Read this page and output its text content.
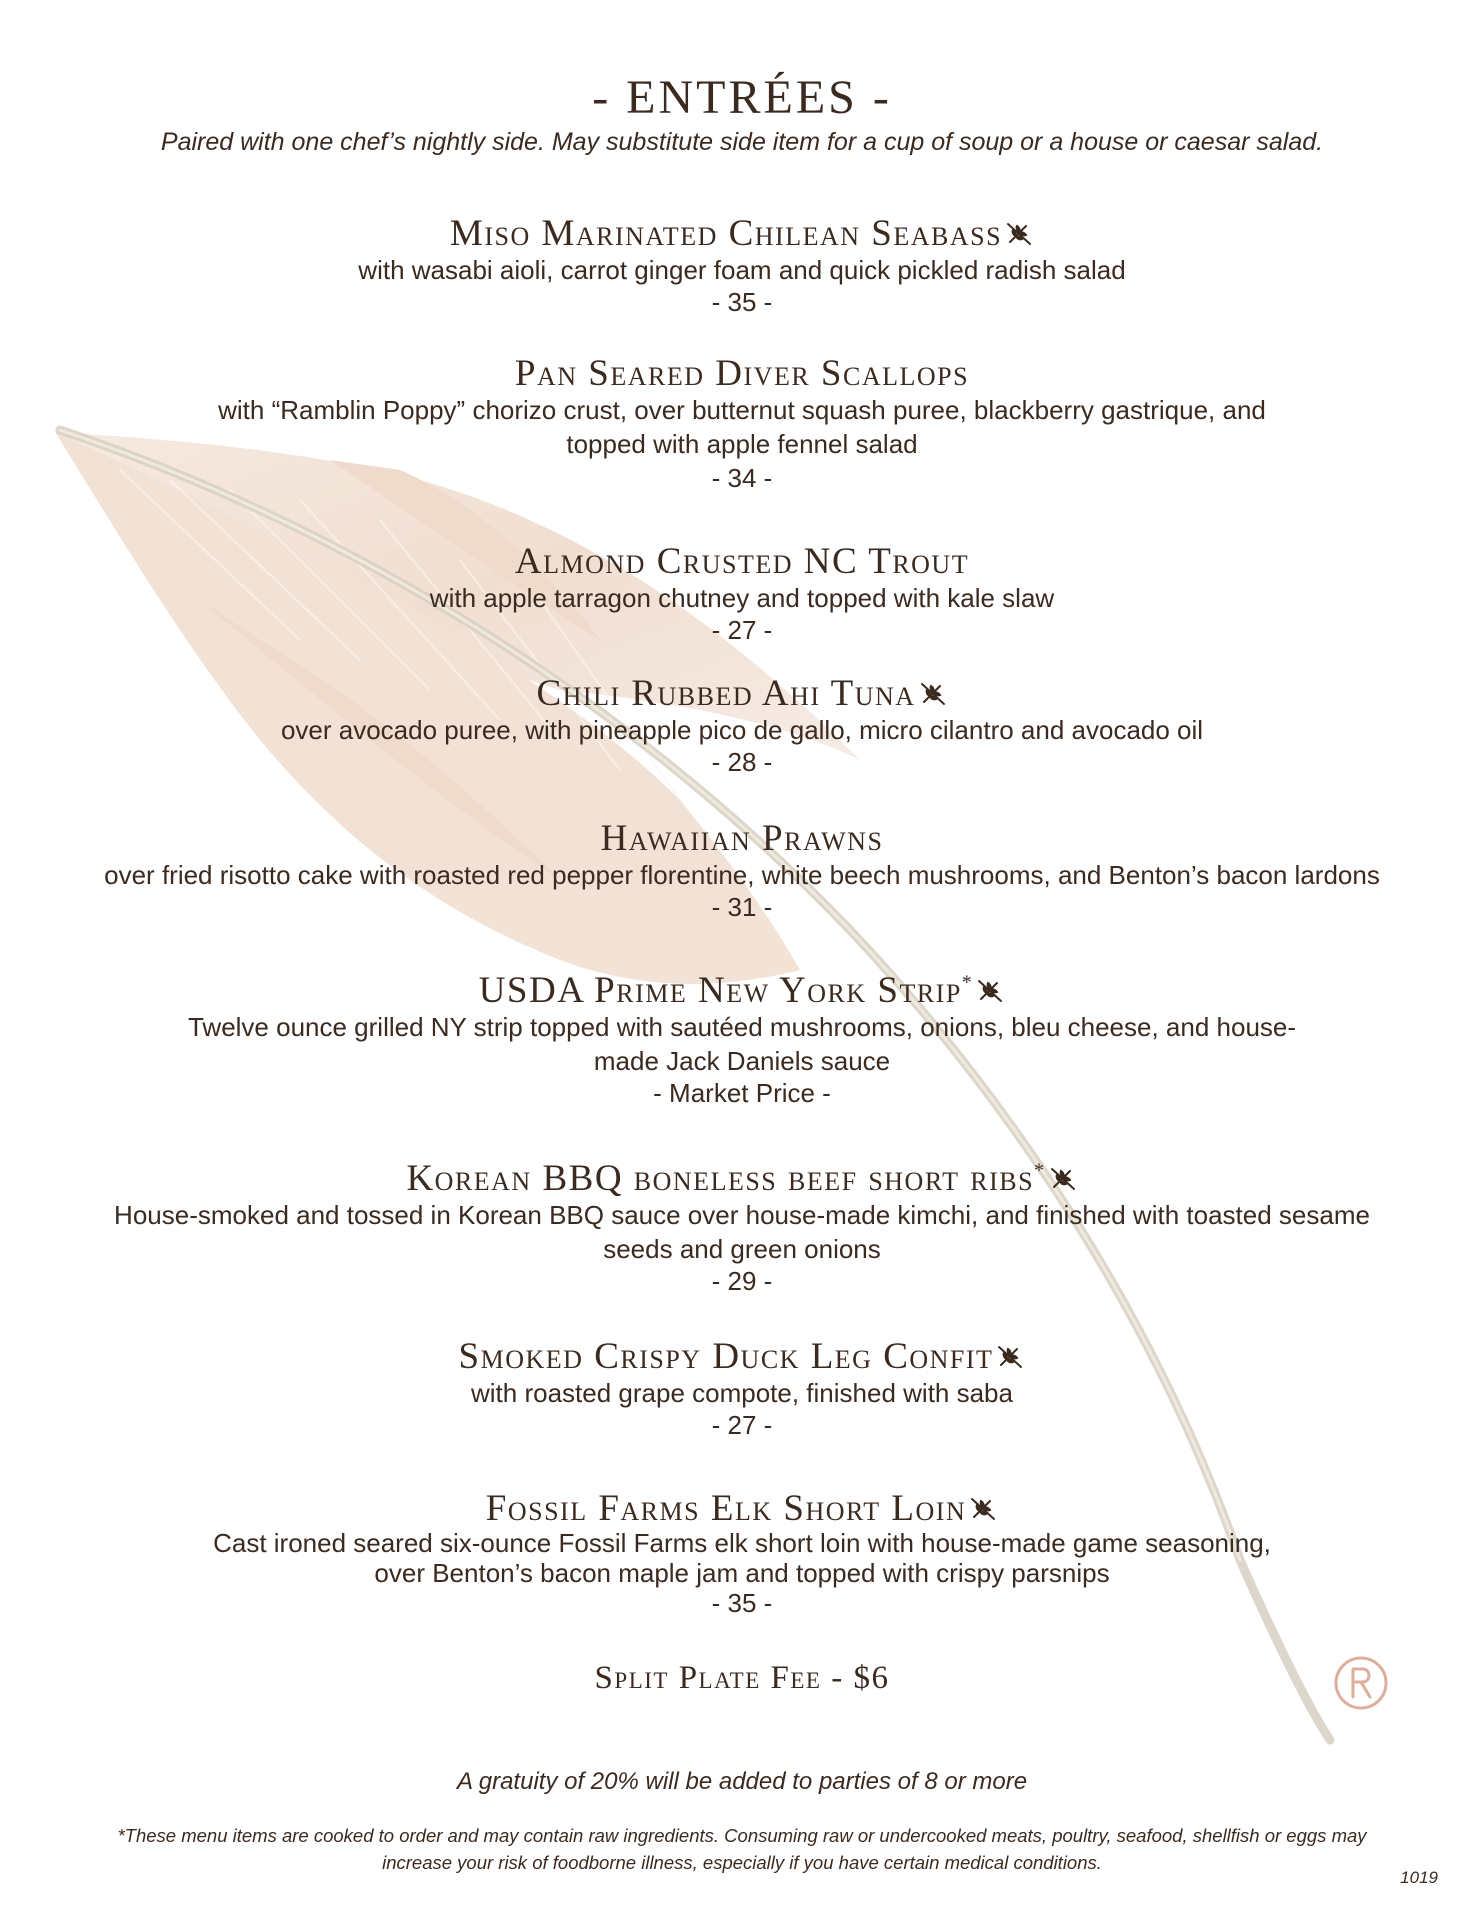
- ENTRÉES -
Paired with one chef’s nightly side. May substitute side item for a cup of soup or a house or caesar salad.
Miso Marinated Chilean Seabass
with wasabi aioli, carrot ginger foam and quick pickled radish salad
- 35 -
Pan Seared Diver Scallops
with “Ramblin Poppy” chorizo crust, over butternut squash puree, blackberry gastrique, and topped with apple fennel salad
- 34 -
Almond Crusted NC Trout
with apple tarragon chutney and topped with kale slaw
- 27 -
Chili Rubbed Ahi Tuna
over avocado puree, with pineapple pico de gallo, micro cilantro and avocado oil
- 28 -
Hawaiian Prawns
over fried risotto cake with roasted red pepper florentine, white beech mushrooms, and Benton’s bacon lardons
- 31 -
USDA Prime New York Strip*
Twelve ounce grilled NY strip topped with sautéed mushrooms, onions, bleu cheese, and house-made Jack Daniels sauce
- Market Price -
Korean BBQ boneless beef short ribs*
House-smoked and tossed in Korean BBQ sauce over house-made kimchi, and finished with toasted sesame seeds and green onions
- 29 -
Smoked Crispy Duck Leg Confit
with roasted grape compote, finished with saba
- 27 -
Fossil Farms Elk Short Loin
Cast ironed seared six-ounce Fossil Farms elk short loin with house-made game seasoning, over Benton’s bacon maple jam and topped with crispy parsnips
- 35 -
Split Plate Fee - $6
A gratuity of 20% will be added to parties of 8 or more
*These menu items are cooked to order and may contain raw ingredients. Consuming raw or undercooked meats, poultry, seafood, shellfish or eggs may increase your risk of foodborne illness, especially if you have certain medical conditions.
1019
